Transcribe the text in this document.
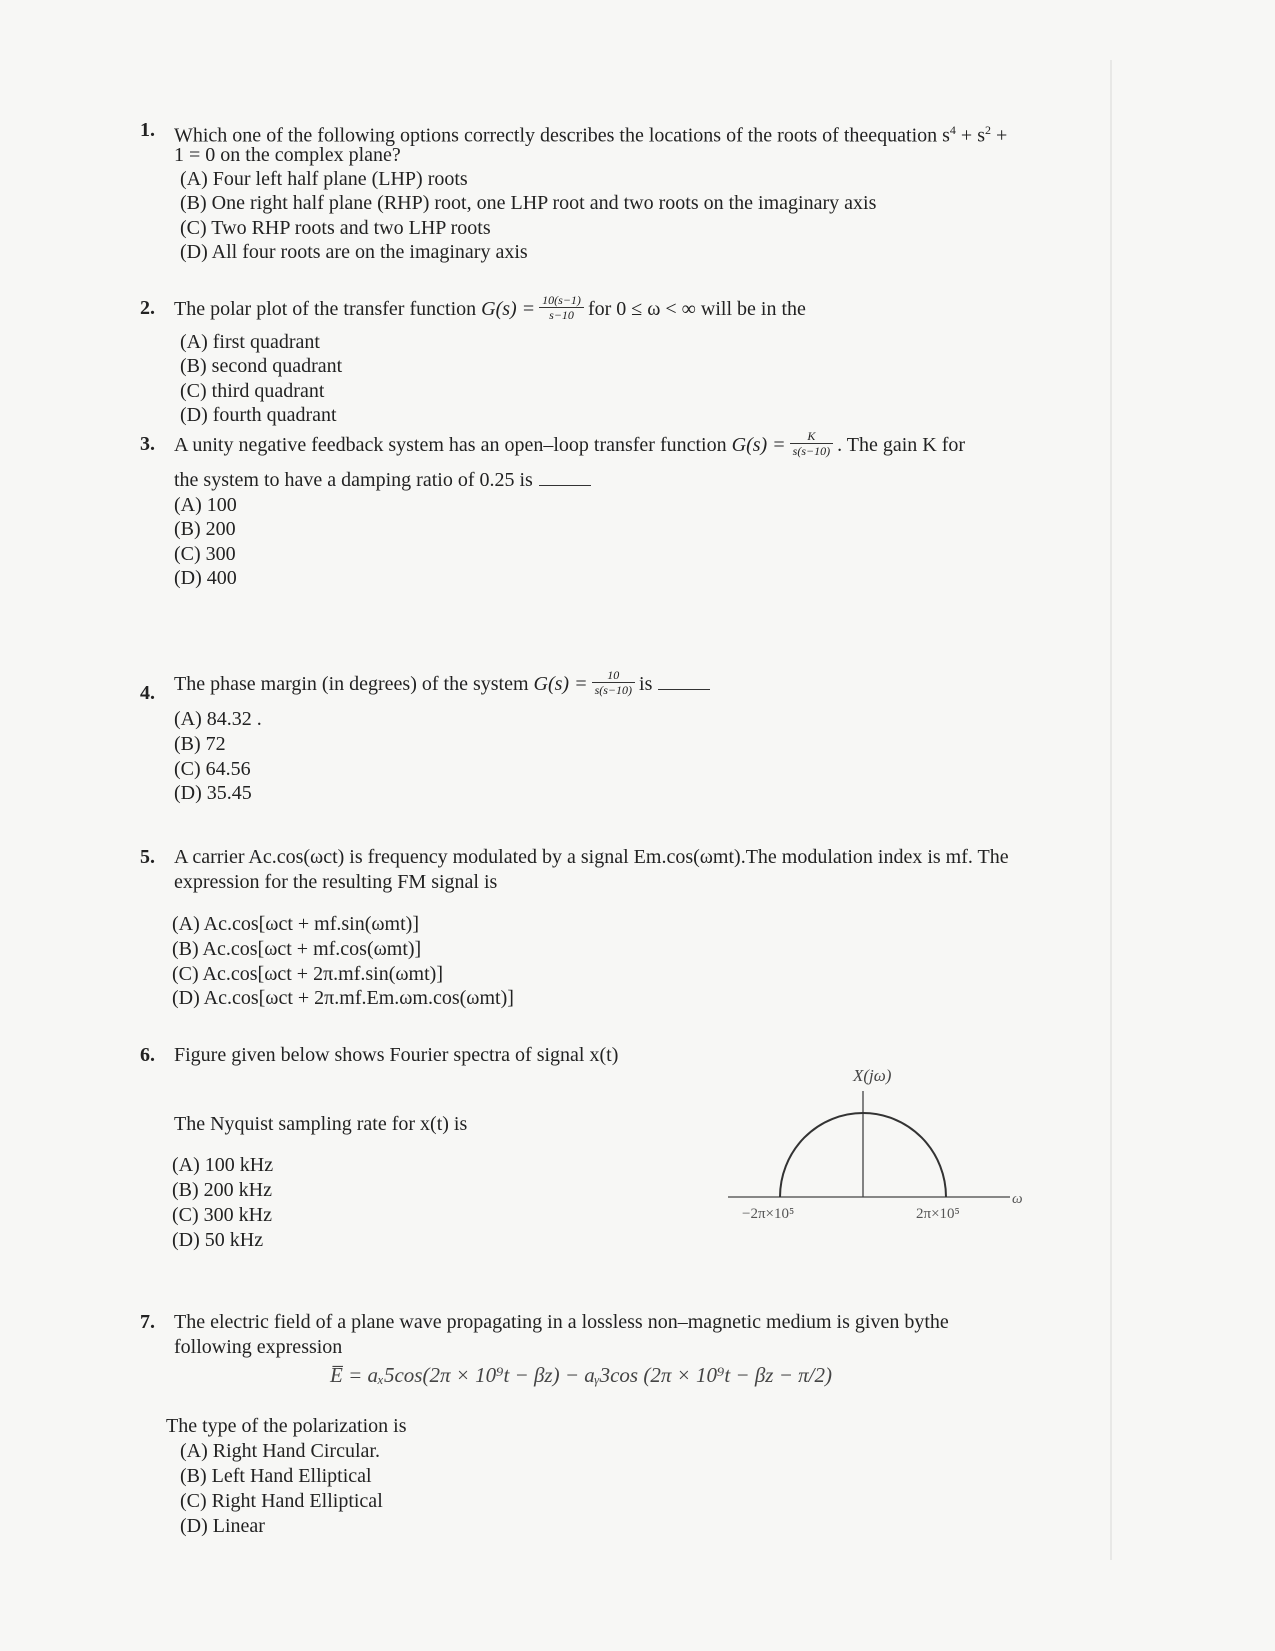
1. Which one of the following options correctly describes the locations of the roots of theequation $s^4 + s^2$ +
1 = 0 on the complex plane?
(A) Four left half plane (LHP) roots
(B) One right half plane (RHP) root, one LHP root and two roots on the imaginary axis
(C) Two RHP roots and two LHP roots
(D) All four roots are on the imaginary axis
2. The polar plot of the transfer function $G(s) = \frac{10(s-1)}{s-10}$ for 0 ≤ ω < ∞ will be in the
(A) first quadrant
(B) second quadrant
(C) third quadrant
(D) fourth quadrant
3. A unity negative feedback system has an open–loop transfer function $G(s) = \frac{K}{s(s-10)}$ . The gain K for
the system to have a damping ratio of 0.25 is
(A) 100
(B) 200
(C) 300
(D) 400
4. The phase margin (in degrees) of the system $G(s) = \frac{10}{s(s-10)}$ is
(A) 84.32 .
(B) 72
(C) 64.56
(D) 35.45
5. A carrier Ac.cos(ωct) is frequency modulated by a signal Em.cos(ωmt).The modulation index is mf. The
expression for the resulting FM signal is
(A) Ac.cos[ωct + mf.sin(ωmt)]
(B) Ac.cos[ωct + mf.cos(ωmt)]
(C) Ac.cos[ωct + 2π.mf.sin(ωmt)]
(D) Ac.cos[ωct + 2π.mf.Em.ωm.cos(ωmt)]
6. Figure given below shows Fourier spectra of signal x(t)
The Nyquist sampling rate for x(t) is
(A) 100 kHz
(B) 200 kHz
(C) 300 kHz
(D) 50 kHz
X(jω)
−2π×10⁵	2π×10⁵
ω
7. The electric field of a plane wave propagating in a lossless non–magnetic medium is given bythe
following expression
E̅ = aₓ5cos(2π × 10⁹t − βz) − aᵧ3cos (2π × 10⁹t − βz − π/2)
The type of the polarization is
(A) Right Hand Circular.
(B) Left Hand Elliptical
(C) Right Hand Elliptical
(D) Linear
